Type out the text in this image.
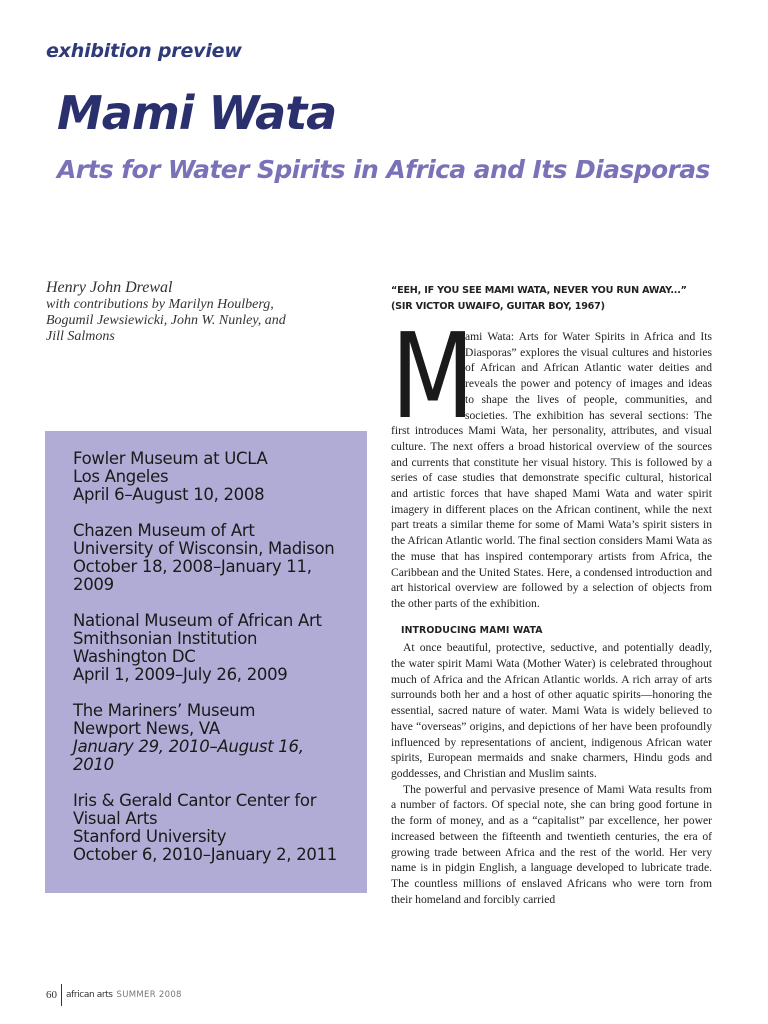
exhibition preview
Mami Wata
Arts for Water Spirits in Africa and Its Diasporas
Henry John Drewal
with contributions by Marilyn Houlberg, Bogumil Jewsiewicki, John W. Nunley, and Jill Salmons
Fowler Museum at UCLA
Los Angeles
April 6–August 10, 2008
Chazen Museum of Art
University of Wisconsin, Madison
October 18, 2008–January 11, 2009
National Museum of African Art
Smithsonian Institution
Washington DC
April 1, 2009–July 26, 2009
The Mariners’ Museum
Newport News, VA
January 29, 2010–August 16, 2010
Iris & Gerald Cantor Center for Visual Arts
Stanford University
October 6, 2010–January 2, 2011
“EEH, IF YOU SEE MAMI WATA, NEVER YOU RUN AWAY...”
(SIR VICTOR UWAIFO, GUITAR BOY, 1967)

M
ami Wata: Arts for Water Spirits in Africa and Its Diasporas” explores the visual cultures and histories of African and African Atlantic water deities and reveals the power and potency of images and ideas to shape the lives of people, communities, and societies. The exhibition has several sections: The first introduces Mami Wata, her personality, attributes, and visual culture. The next offers a broad historical overview of the sources and currents that constitute her visual history. This is followed by a series of case studies that demonstrate specific cultural, historical and artistic forces that have shaped Mami Wata and water spirit imagery in different places on the African continent, while the next part treats a similar theme for some of Mami Wata’s spirit sisters in the African Atlantic world. The final section considers Mami Wata as the muse that has inspired contemporary artists from Africa, the Caribbean and the United States. Here, a condensed introduction and art historical overview are followed by a selection of objects from the other parts of the exhibition.

INTRODUCING MAMI WATA

At once beautiful, protective, seductive, and potentially deadly, the water spirit Mami Wata (Mother Water) is celebrated throughout much of Africa and the African Atlantic worlds. A rich array of arts surrounds both her and a host of other aquatic spirits—honoring the essential, sacred nature of water. Mami Wata is widely believed to have “overseas” origins, and depictions of her have been profoundly influenced by representations of ancient, indigenous African water spirits, European mermaids and snake charmers, Hindu gods and goddesses, and Christian and Muslim saints.

The powerful and pervasive presence of Mami Wata results from a number of factors. Of special note, she can bring good fortune in the form of money, and as a “capitalist” par excellence, her power increased between the fifteenth and twentieth centuries, the era of growing trade between Africa and the rest of the world. Her very name is in pidgin English, a language developed to lubricate trade. The countless millions of enslaved Africans who were torn from their homeland and forcibly carried

60 african arts SUMMER 2008
